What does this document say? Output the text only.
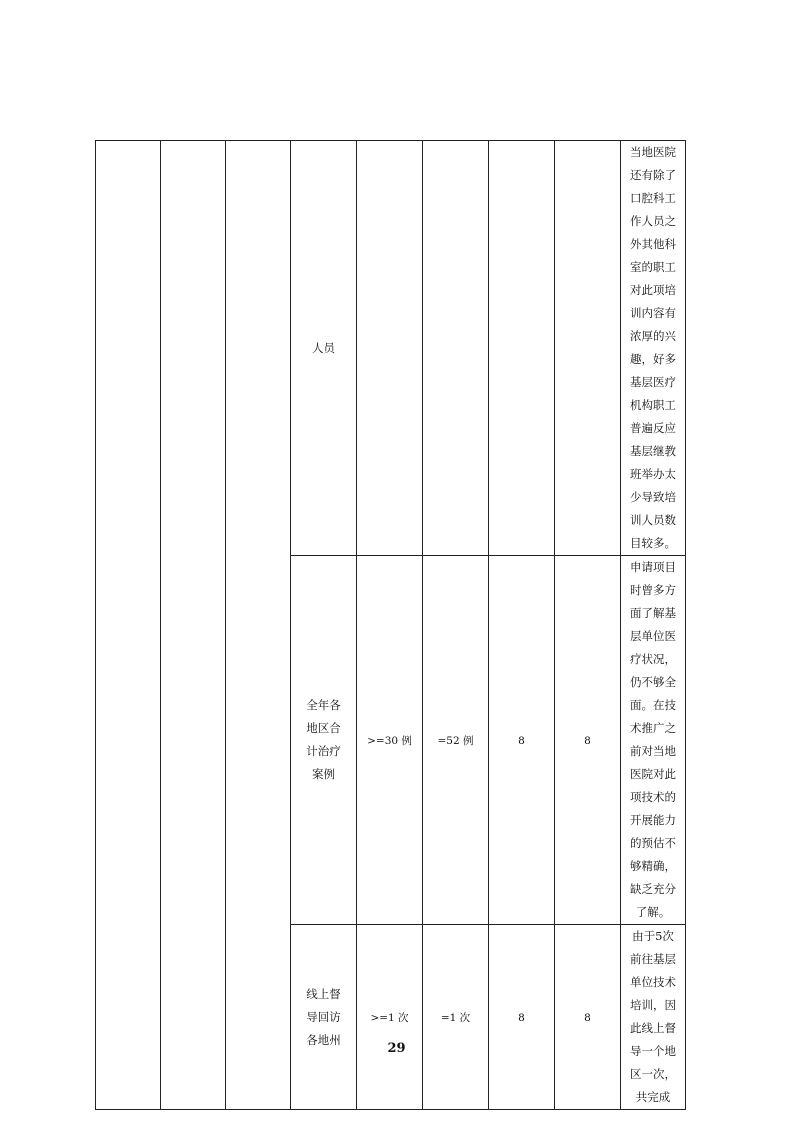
			人员					当地医院还有除了口腔科工作人员之外其他科室的职工对此项培训内容有浓厚的兴趣，好多基层医疗机构职工普遍反应基层继教班举办太少导致培训人员数目较多。

			全年各地区合计治疗案例	>=30 例	=52 例	8	8	申请项目时曾多方面了解基层单位医疗状况，仍不够全面。在技术推广之前对当地医院对此项技术的开展能力的预估不够精确，缺乏充分了解。

			线上督导回访各地州	>=1 次	=1 次	8	8	由于5次前往基层单位技术培训，因此线上督导一个地区一次，共完成
29
